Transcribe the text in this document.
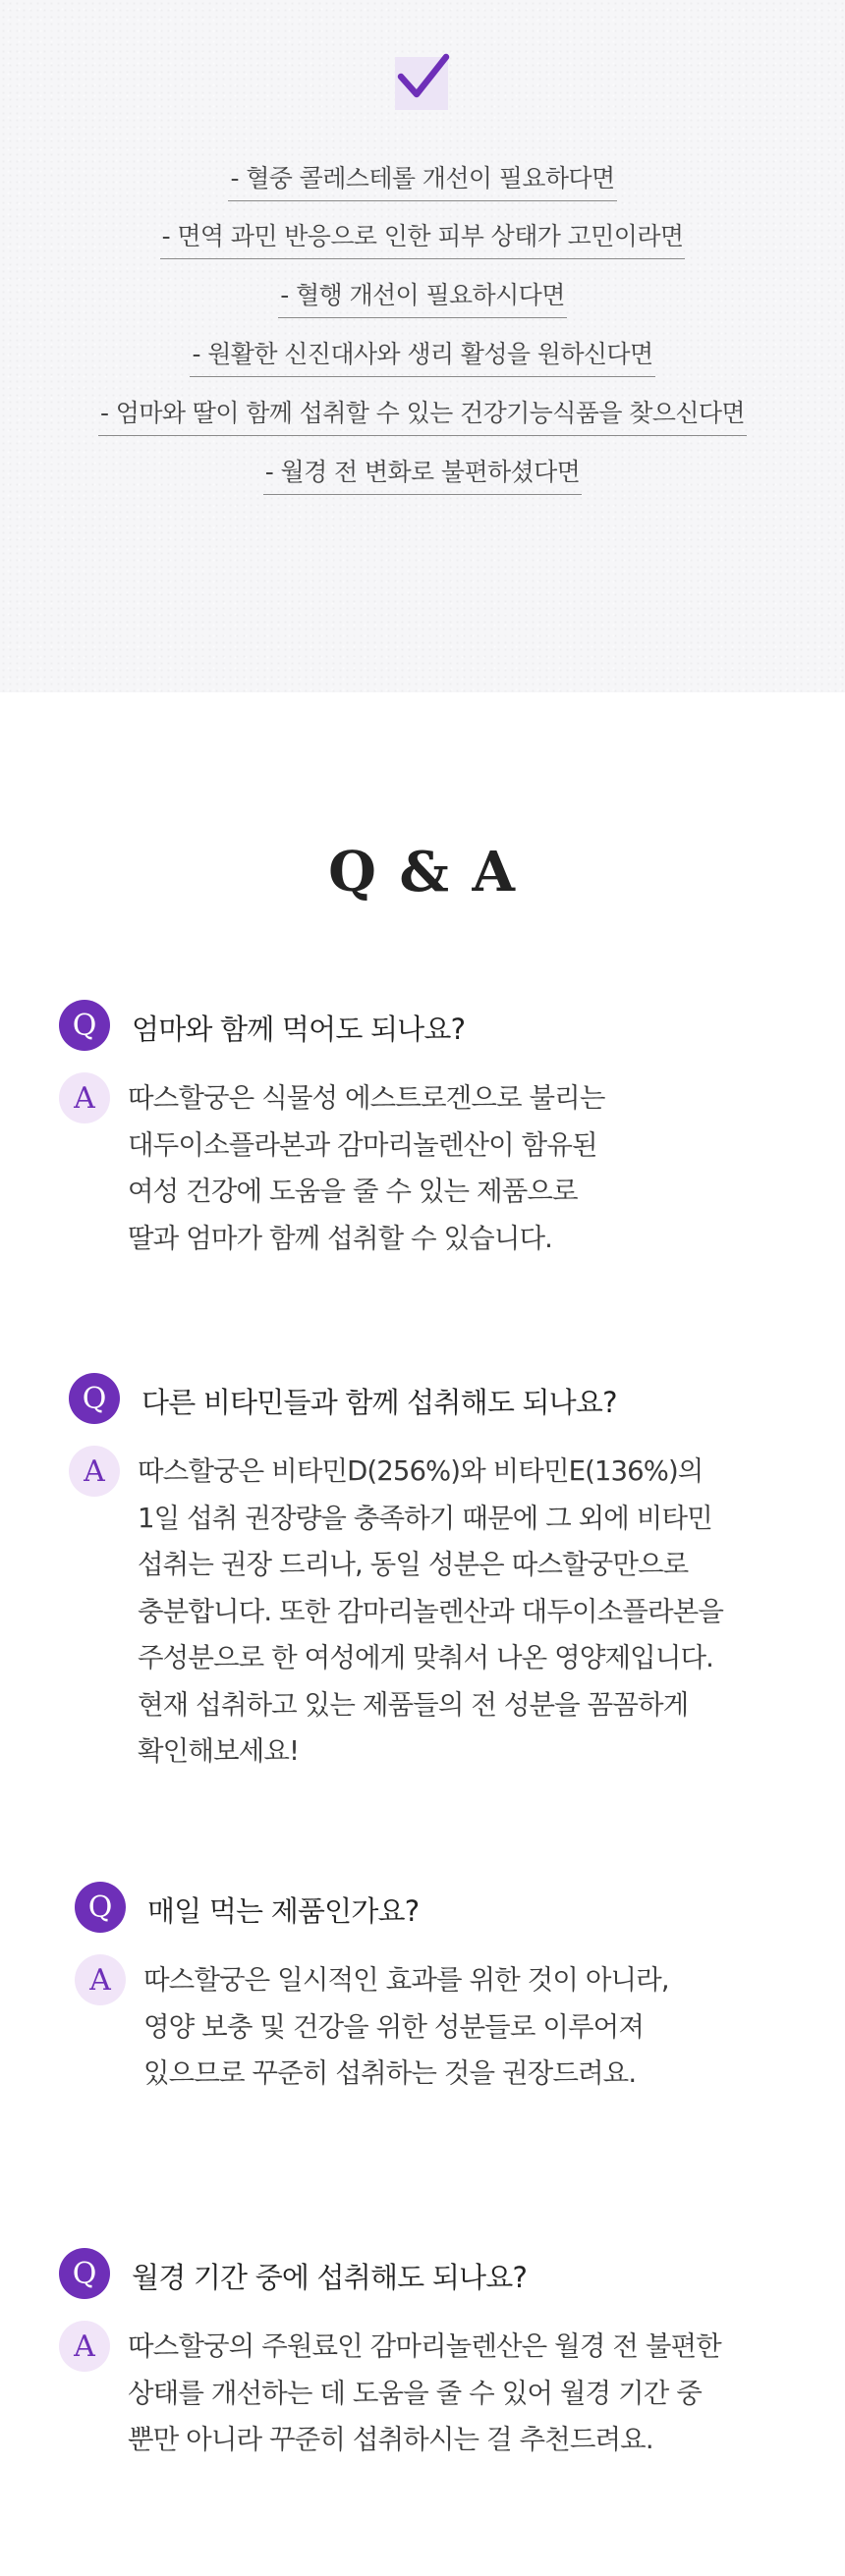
- 혈중 콜레스테롤 개선이 필요하다면
- 면역 과민 반응으로 인한 피부 상태가 고민이라면
- 혈행 개선이 필요하시다면
- 원활한 신진대사와 생리 활성을 원하신다면
- 엄마와 딸이 함께 섭취할 수 있는 건강기능식품을 찾으신다면
- 월경 전 변화로 불편하셨다면
Q & A
Q	엄마와 함께 먹어도 되나요?
A	따스할궁은 식물성 에스트로겐으로 불리는
대두이소플라본과 감마리놀렌산이 함유된
여성 건강에 도움을 줄 수 있는 제품으로
딸과 엄마가 함께 섭취할 수 있습니다.
Q	다른 비타민들과 함께 섭취해도 되나요?
A	따스할궁은 비타민D(256%)와 비타민E(136%)의
1일 섭취 권장량을 충족하기 때문에 그 외에 비타민
섭취는 권장 드리나, 동일 성분은 따스할궁만으로
충분합니다. 또한 감마리놀렌산과 대두이소플라본을
주성분으로 한 여성에게 맞춰서 나온 영양제입니다.
현재 섭취하고 있는 제품들의 전 성분을 꼼꼼하게
확인해보세요!
Q	매일 먹는 제품인가요?
A	따스할궁은 일시적인 효과를 위한 것이 아니라,
영양 보충 및 건강을 위한 성분들로 이루어져
있으므로 꾸준히 섭취하는 것을 권장드려요.
Q	월경 기간 중에 섭취해도 되나요?
A	따스할궁의 주원료인 감마리놀렌산은 월경 전 불편한
상태를 개선하는 데 도움을 줄 수 있어 월경 기간 중
뿐만 아니라 꾸준히 섭취하시는 걸 추천드려요.
